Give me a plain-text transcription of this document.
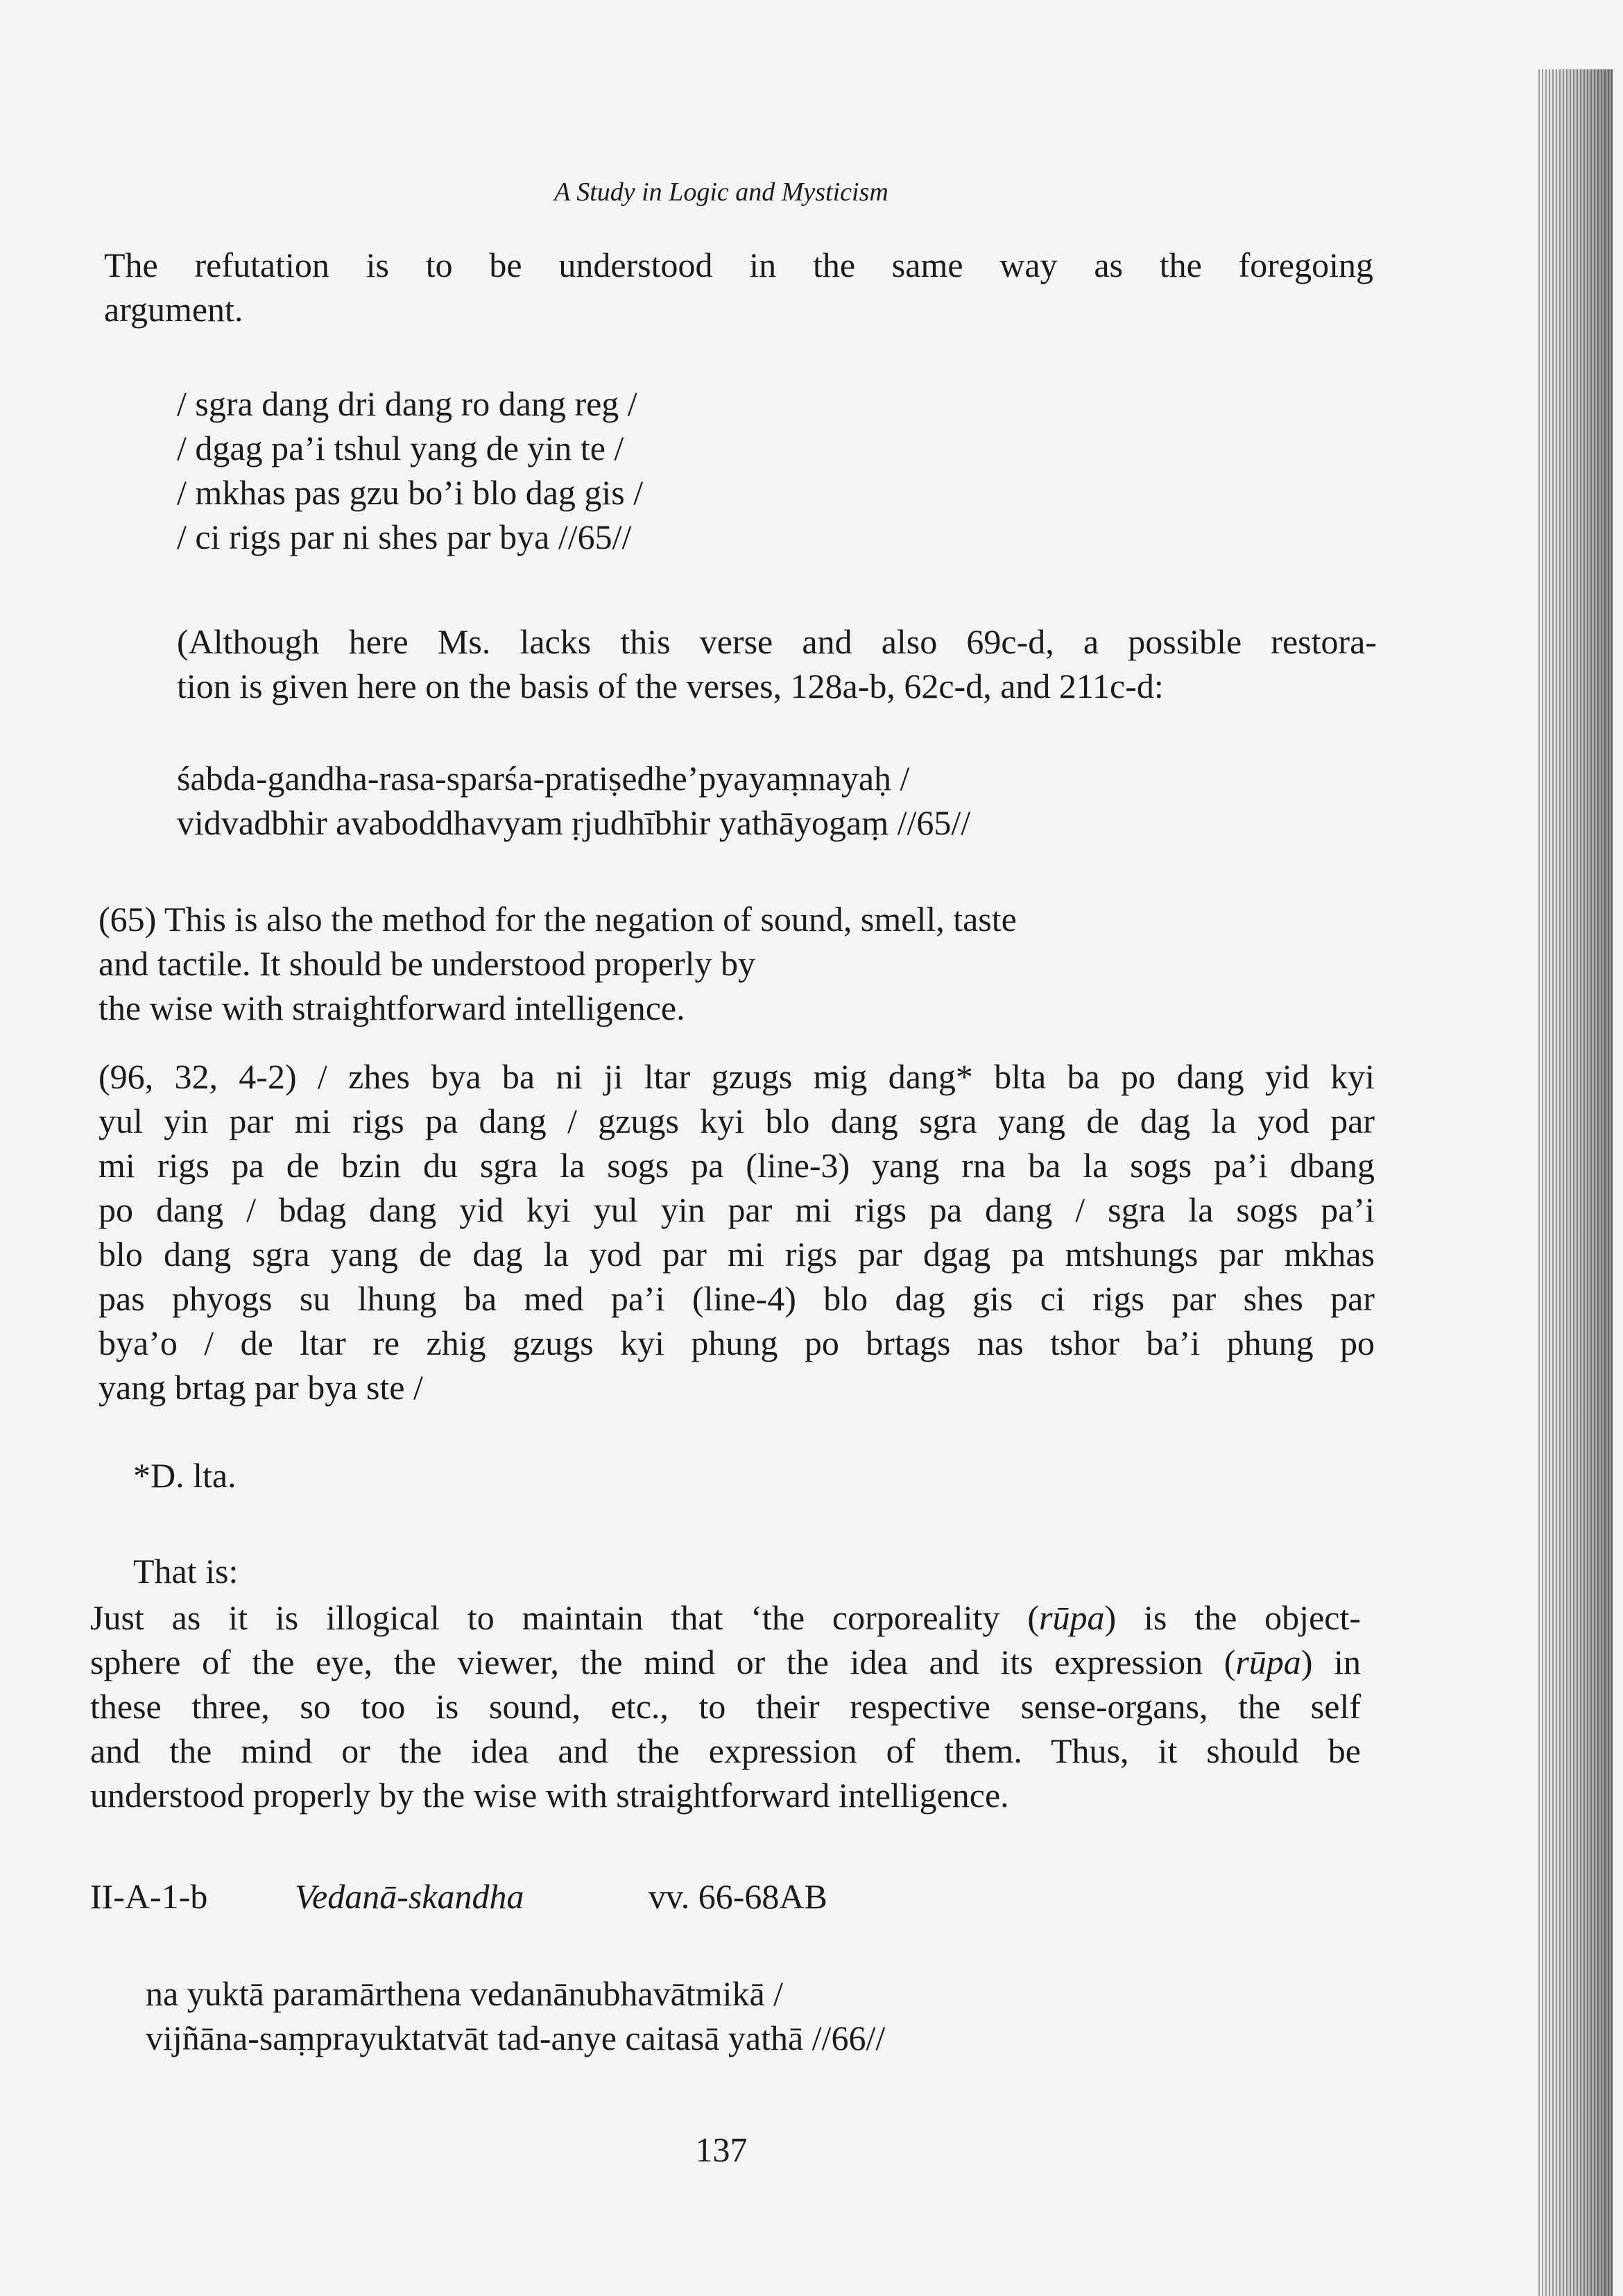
A Study in Logic and Mysticism

The refutation is to be understood in the same way as the foregoing
argument.

/ sgra dang dri dang ro dang reg /
/ dgag pa’i tshul yang de yin te /
/ mkhas pas gzu bo’i blo dag gis /
/ ci rigs par ni shes par bya //65//

(Although here Ms. lacks this verse and also 69c-d, a possible restora-
tion is given here on the basis of the verses, 128a-b, 62c-d, and 211c-d:

śabda-gandha-rasa-sparśa-pratiṣedhe’pyayaṃnayaḥ /
vidvadbhir avaboddhavyam ṛjudhībhir yathāyogaṃ //65//

(65) This is also the method for the negation of sound, smell, taste
and tactile. It should be understood properly by
the wise with straightforward intelligence.

(96, 32, 4-2) / zhes bya ba ni ji ltar gzugs mig dang* blta ba po dang yid kyi
yul yin par mi rigs pa dang / gzugs kyi blo dang sgra yang de dag la yod par
mi rigs pa de bzin du sgra la sogs pa (line-3) yang rna ba la sogs pa’i dbang
po dang / bdag dang yid kyi yul yin par mi rigs pa dang / sgra la sogs pa’i
blo dang sgra yang de dag la yod par mi rigs par dgag pa mtshungs par mkhas
pas phyogs su lhung ba med pa’i (line-4) blo dag gis ci rigs par shes par
bya’o / de ltar re zhig gzugs kyi phung po brtags nas tshor ba’i phung po
yang brtag par bya ste /

*D. lta.
That is:

Just as it is illogical to maintain that ‘the corporeality (rūpa) is the object-
sphere of the eye, the viewer, the mind or the idea and its expression (rūpa) in
these three, so too is sound, etc., to their respective sense-organs, the self
and the mind or the idea and the expression of them. Thus, it should be
understood properly by the wise with straightforward intelligence.

II-A-1-b	Vedanā-skandha	vv. 66-68AB
na yuktā paramārthena vedanānubhavātmikā /
vijñāna-saṃprayuktatvāt tad-anye caitasā yathā //66//
137
